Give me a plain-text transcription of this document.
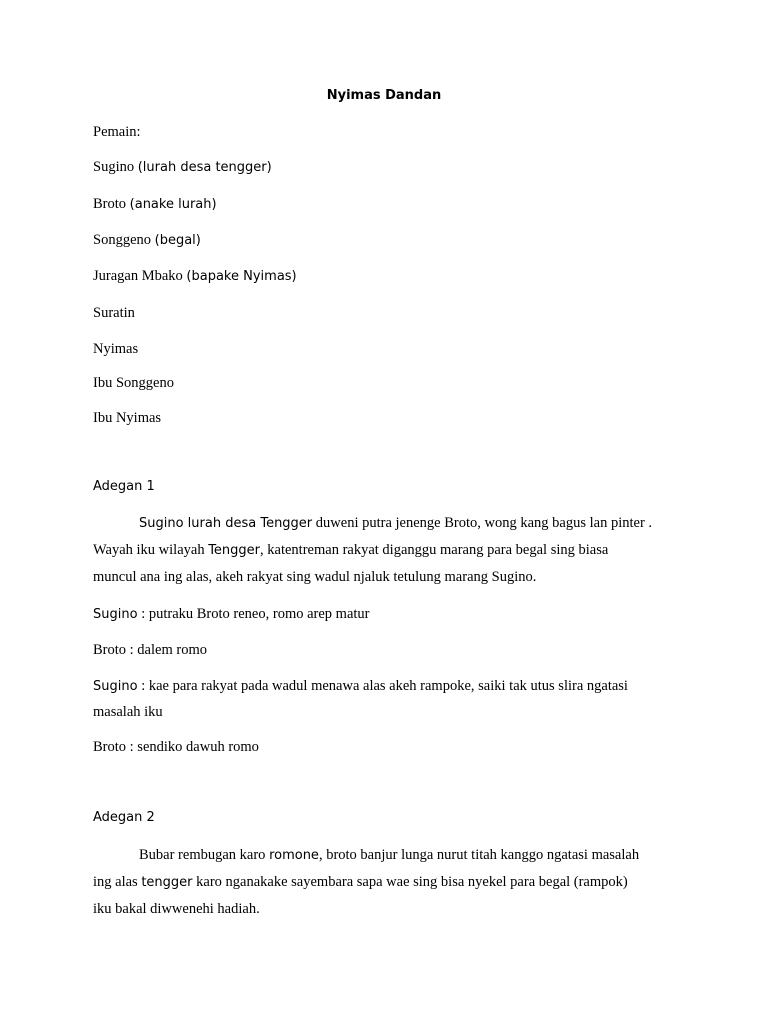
Nyimas Dandan
Pemain:
Sugino (lurah desa tengger)
Broto (anake lurah)
Songgeno (begal)
Juragan Mbako (bapake Nyimas)
Suratin
Nyimas
Ibu Songgeno
Ibu Nyimas
Adegan 1
Sugino lurah desa Tengger duweni putra jenenge Broto, wong kang bagus lan pinter .
Wayah iku wilayah Tengger, katentreman rakyat diganggu marang para begal sing biasa
muncul ana ing alas, akeh rakyat sing wadul njaluk tetulung marang Sugino.
Sugino : putraku Broto reneo, romo arep matur
Broto : dalem romo
Sugino : kae para rakyat pada wadul menawa alas akeh rampoke, saiki tak utus slira ngatasi
masalah iku
Broto : sendiko dawuh romo
Adegan 2
Bubar rembugan karo romone, broto banjur lunga nurut titah kanggo ngatasi masalah
ing alas tengger karo nganakake sayembara sapa wae sing bisa nyekel para begal (rampok)
iku bakal diwwenehi hadiah.
